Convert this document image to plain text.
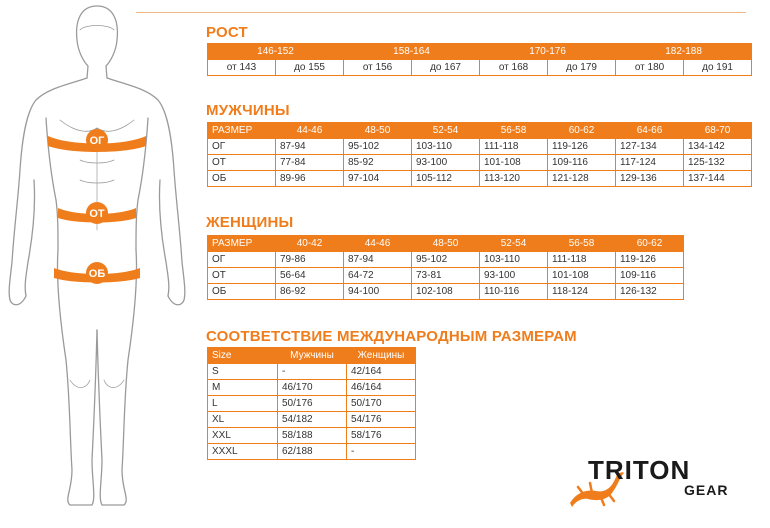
ОГ
ОТ
ОБ
РОСТ
146-152		158-164		170-176		182-188	
от 143	до 155	от 156	до 167	от 168	до 179	от 180	до 191
МУЖЧИНЫ
РАЗМЕР	44-46	48-50	52-54	56-58	60-62	64-66	68-70
ОГ	87-94	95-102	103-110	111-118	119-126	127-134	134-142
ОТ	77-84	85-92	93-100	101-108	109-116	117-124	125-132
ОБ	89-96	97-104	105-112	113-120	121-128	129-136	137-144
ЖЕНЩИНЫ
РАЗМЕР	40-42	44-46	48-50	52-54	56-58	60-62
ОГ	79-86	87-94	95-102	103-110	111-118	119-126
ОТ	56-64	64-72	73-81	93-100	101-108	109-116
ОБ	86-92	94-100	102-108	110-116	118-124	126-132
СООТВЕТСТВИЕ МЕЖДУНАРОДНЫМ РАЗМЕРАМ
Size	Мужчины	Женщины
S	-	42/164
M	46/170	46/164
L	50/176	50/170
XL	54/182	54/176
XXL	58/188	58/176
XXXL	62/188	-
TRITON
GEAR
